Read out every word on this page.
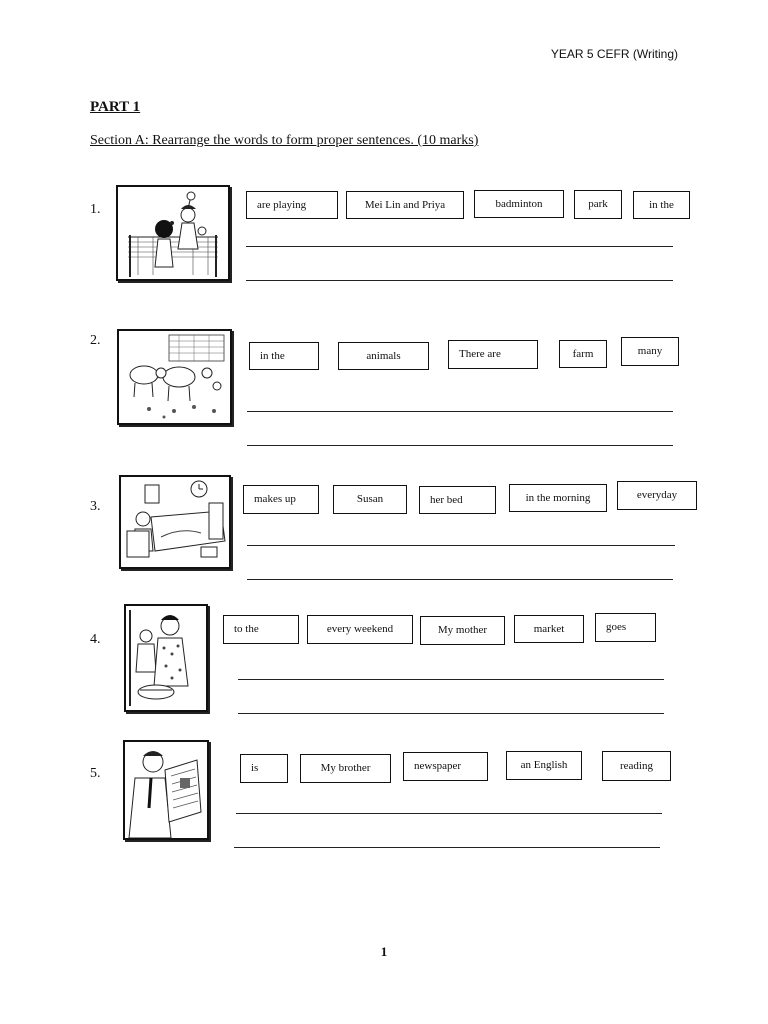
YEAR 5 CEFR (Writing)
PART 1
Section A: Rearrange the words to form proper sentences. (10 marks)
1.	are playing	Mei Lin and Priya	badminton	park	in the
2.
in the	animals	There are	farm	many
3.	makes up	Susan	her bed	in the morning	everyday
4.
to the	every weekend	My mother	market	goes
5.	is	My brother	newspaper	an English	reading
1
